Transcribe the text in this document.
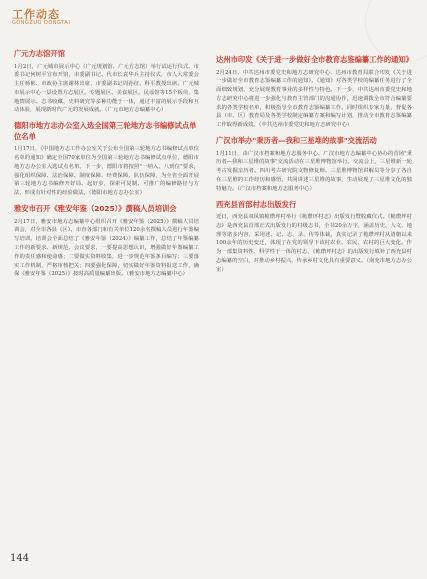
工作动态
GONGZUO DONGTAI
广元方志馆开馆

1月2日，广元城市展示中心（广元规划馆、广元方志馆）举行试运行仪式。市委书记何树平宣布开馆，市委副书记、代市长袁华兵主持仪式，市人大常委会主任杨彬、市政协主席谢林出席，市委副书记周孙征、科平教授出席。广元城市展示中心一层设置方志展区、专题展区、美食展区、民谣馆等15个板块，集地情展示、志书收藏、史料研究等多种功能于一体，通过丰富的展示手段和互动体验，展现新时代广元的发展成就。（广元市地方志编纂中心）

德阳市地方志办公室入选全国第三轮地方志书编修试点单位名单

1月17日，《中国地方志工作办公室关于公布全国第三轮地方志书编修试点单位名单的通知》确定全国70家单位为全国第三轮地方志书编修试点单位，德阳市地方志办公室入选试点名单。下一步，德阳市将按照"一纳入、八到位"要求，强化组织保障、法治保障、制度保障、经费保障、队伍保障，为全省全面开展第三轮地方志书编修开好局、起好步，探索可复制、可推广的编修路径与方法，形成有针对性的经验做法。（德阳市地方志办公室）

雅安市召开《雅安年鉴（2025）》撰稿人员培训会

2月17日，雅安市地方志编纂中心组织召开《雅安年鉴（2025）》撰稿人员培训会，对全市各县（区）、市直各部门和有关单位120余名撰稿人员进行年鉴编写培训。培训会全面总结了《雅安年鉴（2024）》编纂工作，总结了年鉴编纂工作的新要求、新规范。会议要求，一要提高思想认识，增强做好年鉴编纂工作的责任感和使命感；二要做实资料收集，进一步规范年鉴条目编写；三要落实工作机制，严格审核把关；四要强化保障，切实做好年鉴资料报送工作，确保《雅安年鉴（2025）》按时高质量编纂出版。（雅安市地方志编纂中心）

达州市印发《关于进一步做好全市教育志鉴编纂工作的通知》

2月24日，中共达州市委党史和地方志研究中心、达州市教育局联合印发《关于进一步做好全市教育志鉴编纂工作的通知》。《通知》对各类学校的编纂任务进行了全面细致规划，充分展现教育事业的多样性与特色。下一步，中共达州市委党史和地方志研究中心将进一步强化与教育主管部门的沟通协作，迅速调拨全市符合编纂要求的各类学校名单，积极指导全市教育志鉴编纂工作。同时组织专家力量，督促各县（市、区）教育局及各类学校制定编纂方案和编写计划，推动全市教育志鉴编纂工作取得新成效。（中共达州市委党史和地方志研究中心）

广汉市举办"秉历者—我和三星堆的故事"交流活动

1月11日，由广汉市档案和地方志服务中心、广汉市地方志编纂中心协办的首场"秉历者—我和三星堆的故事"交流活动在三星堆博物馆举行。交流会上，三星堆新一轮考古发掘亲历者、四川考古研究院文物修复师、三星堆博物馆讲解员等分享了各自在三星堆的工作经历和感悟，共同讲述三星堆的故事，生动展现了三星堆文化的独特魅力。（广汉市档案和地方志服务中心）

西充县首部村志出版发行

近日，西充县双凤镇桅瓒坪村举行《桅瓒坪村志》出版发行暨收藏仪式。《桅瓒坪村志》是西充县首部正式出版发行的村级志书，全书20余万字，涵盖历史、人文、地理等诸多内容，采用述、记、志、录、传等体裁，真实记录了桅瓒坪村从清朝以来100余年的历史变迁，体现了在党的领导下该村农业、农民、农村的巨大变化。作为一部集资料性、科学性于一体的村志，《桅瓒坪村志》的出版发行填补了西充县村志编纂的空白，对推动乡村振兴、传承乡村文化具有重要意义。（南充市地方志办公室）

144
